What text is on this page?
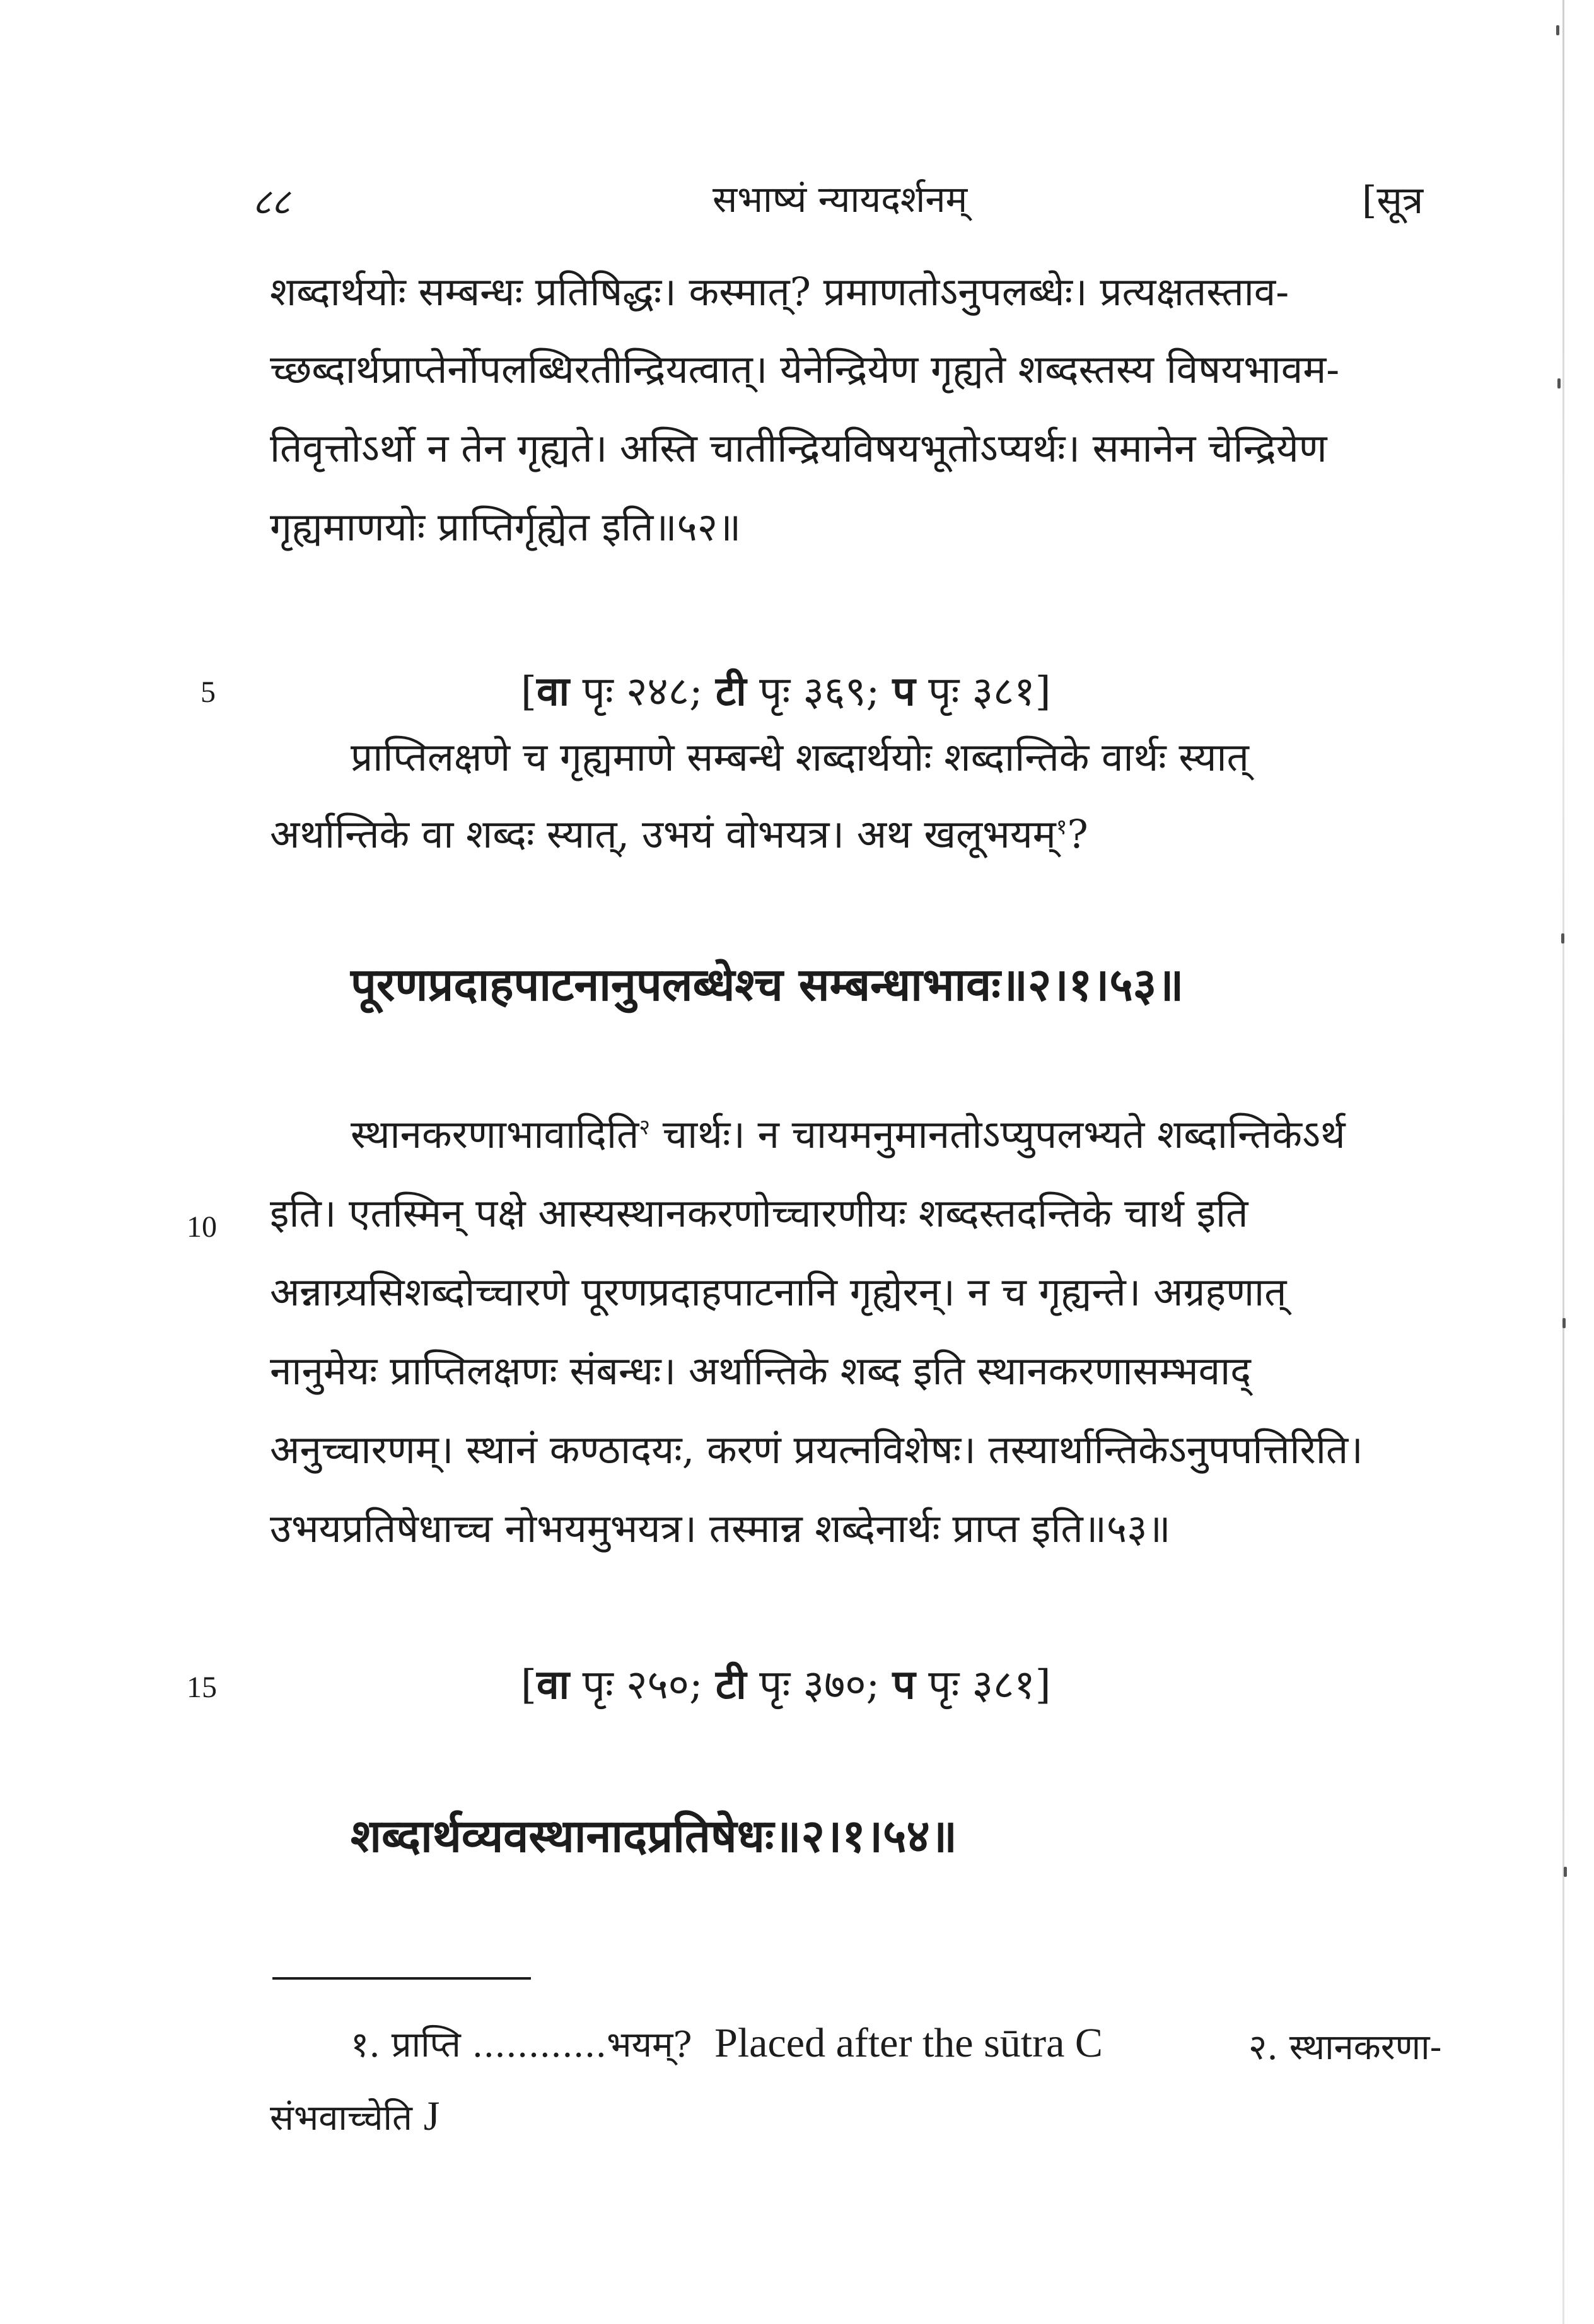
८८	सभाष्यं न्यायदर्शनम्	[सूत्र
शब्दार्थयोः सम्बन्धः प्रतिषिद्धः। कस्मात्? प्रमाणतोऽनुपलब्धेः। प्रत्यक्षतस्ताव-
च्छब्दार्थप्राप्तेर्नोपलब्धिरतीन्द्रियत्वात्। येनेन्द्रियेण गृह्यते शब्दस्तस्य विषयभावम-
तिवृत्तोऽर्थो न तेन गृह्यते। अस्ति चातीन्द्रियविषयभूतोऽप्यर्थः। समानेन चेन्द्रियेण
गृह्यमाणयोः प्राप्तिर्गृह्येत इति॥५२॥
5	[वा पृः २४८; टी पृः ३६९; प पृः ३८१]
प्राप्तिलक्षणे च गृह्यमाणे सम्बन्धे शब्दार्थयोः शब्दान्तिके वार्थः स्यात्
अर्थान्तिके वा शब्दः स्यात्, उभयं वोभयत्र। अथ खलूभयम्$^१$?
पूरणप्रदाहपाटनानुपलब्धेश्च सम्बन्धाभावः॥२।१।५३॥
स्थानकरणाभावादिति$^२$ चार्थः। न चायमनुमानतोऽप्युपलभ्यते शब्दान्तिकेऽर्थ
10 इति। एतस्मिन् पक्षे आस्यस्थानकरणोच्चारणीयः शब्दस्तदन्तिके चार्थ इति
अन्नाग्र्यसिशब्दोच्चारणे पूरणप्रदाहपाटनानि गृह्येरन्। न च गृह्यन्ते। अग्रहणात्
नानुमेयः प्राप्तिलक्षणः संबन्धः। अर्थान्तिके शब्द इति स्थानकरणासम्भवाद्
अनुच्चारणम्। स्थानं कण्ठादयः, करणं प्रयत्नविशेषः। तस्यार्थान्तिकेऽनुपपत्तिरिति।
उभयप्रतिषेधाच्च नोभयमुभयत्र। तस्मान्न शब्देनार्थः प्राप्त इति॥५३॥
15	[वा पृः २५०; टी पृः ३७०; प पृः ३८१]
शब्दार्थव्यवस्थानादप्रतिषेधः॥२।१।५४॥
१. प्राप्ति ............भयम्? Placed after the sūtra C	२. स्थानकरणा-
संभवाच्चेति J
